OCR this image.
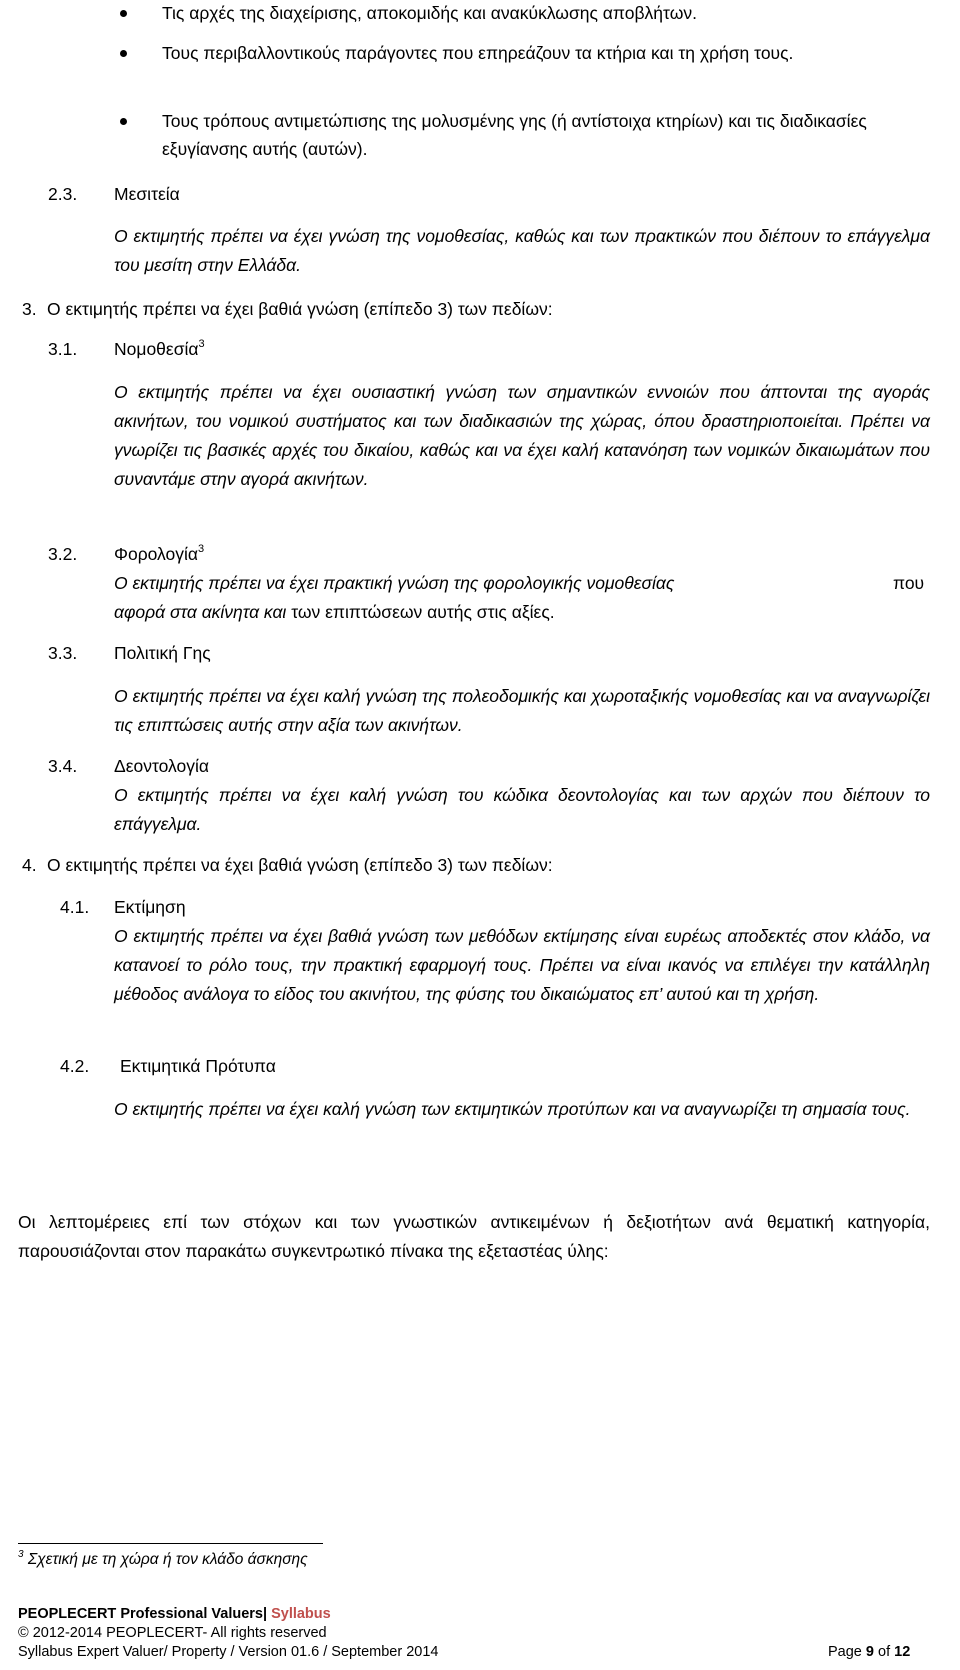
Τις αρχές της διαχείρισης, αποκομιδής και ανακύκλωσης αποβλήτων.
Τους περιβαλλοντικούς παράγοντες που επηρεάζουν τα κτήρια και τη χρήση τους.
Τους τρόπους αντιμετώπισης της μολυσμένης γης (ή αντίστοιχα κτηρίων) και τις διαδικασίες εξυγίανσης αυτής (αυτών).
2.3. Μεσιτεία
Ο εκτιμητής πρέπει να έχει γνώση της νομοθεσίας, καθώς και των πρακτικών που διέπουν το επάγγελμα του μεσίτη στην Ελλάδα.
3. Ο εκτιμητής πρέπει να έχει βαθιά γνώση (επίπεδο 3) των πεδίων:
3.1. Νομοθεσία$^3$
Ο εκτιμητής πρέπει να έχει ουσιαστική γνώση των σημαντικών εννοιών που άπτονται της αγοράς ακινήτων, του νομικού συστήματος και των διαδικασιών της χώρας, όπου δραστηριοποιείται. Πρέπει να γνωρίζει τις βασικές αρχές του δικαίου, καθώς και να έχει καλή κατανόηση των νομικών δικαιωμάτων που συναντάμε στην αγορά ακινήτων.
3.2. Φορολογία$^3$
Ο εκτιμητής πρέπει να έχει πρακτική γνώση της φορολογικής νομοθεσίας	που
αφορά στα ακίνητα και των επιπτώσεων αυτής στις αξίες.
3.3. Πολιτική Γης
Ο εκτιμητής πρέπει να έχει καλή γνώση της πολεοδομικής και χωροταξικής νομοθεσίας και να αναγνωρίζει τις επιπτώσεις αυτής στην αξία των ακινήτων.
3.4. Δεοντολογία
Ο εκτιμητής πρέπει να έχει καλή γνώση του κώδικα δεοντολογίας και των αρχών που διέπουν το επάγγελμα.
4. Ο εκτιμητής πρέπει να έχει βαθιά γνώση (επίπεδο 3) των πεδίων:
4.1. Εκτίμηση
Ο εκτιμητής πρέπει να έχει βαθιά γνώση των μεθόδων εκτίμησης είναι ευρέως αποδεκτές στον κλάδο, να κατανοεί το ρόλο τους, την πρακτική εφαρμογή τους. Πρέπει να είναι ικανός να επιλέγει την κατάλληλη μέθοδος ανάλογα το είδος του ακινήτου, της φύσης του δικαιώματος επ’ αυτού και τη χρήση.
4.2. Εκτιμητικά Πρότυπα
Ο εκτιμητής πρέπει να έχει καλή γνώση των εκτιμητικών προτύπων και να αναγνωρίζει τη σημασία τους.
Οι λεπτομέρειες επί των στόχων και των γνωστικών αντικειμένων ή δεξιοτήτων ανά θεματική κατηγορία, παρουσιάζονται στον παρακάτω συγκεντρωτικό πίνακα της εξεταστέας ύλης:
$^3$ Σχετική με τη χώρα ή τον κλάδο άσκησης
PEOPLECERT Professional Valuers| Syllabus
© 2012-2014 PEOPLECERT- All rights reserved
Syllabus Expert Valuer/ Property / Version 01.6 / September 2014	Page 9 of 12
